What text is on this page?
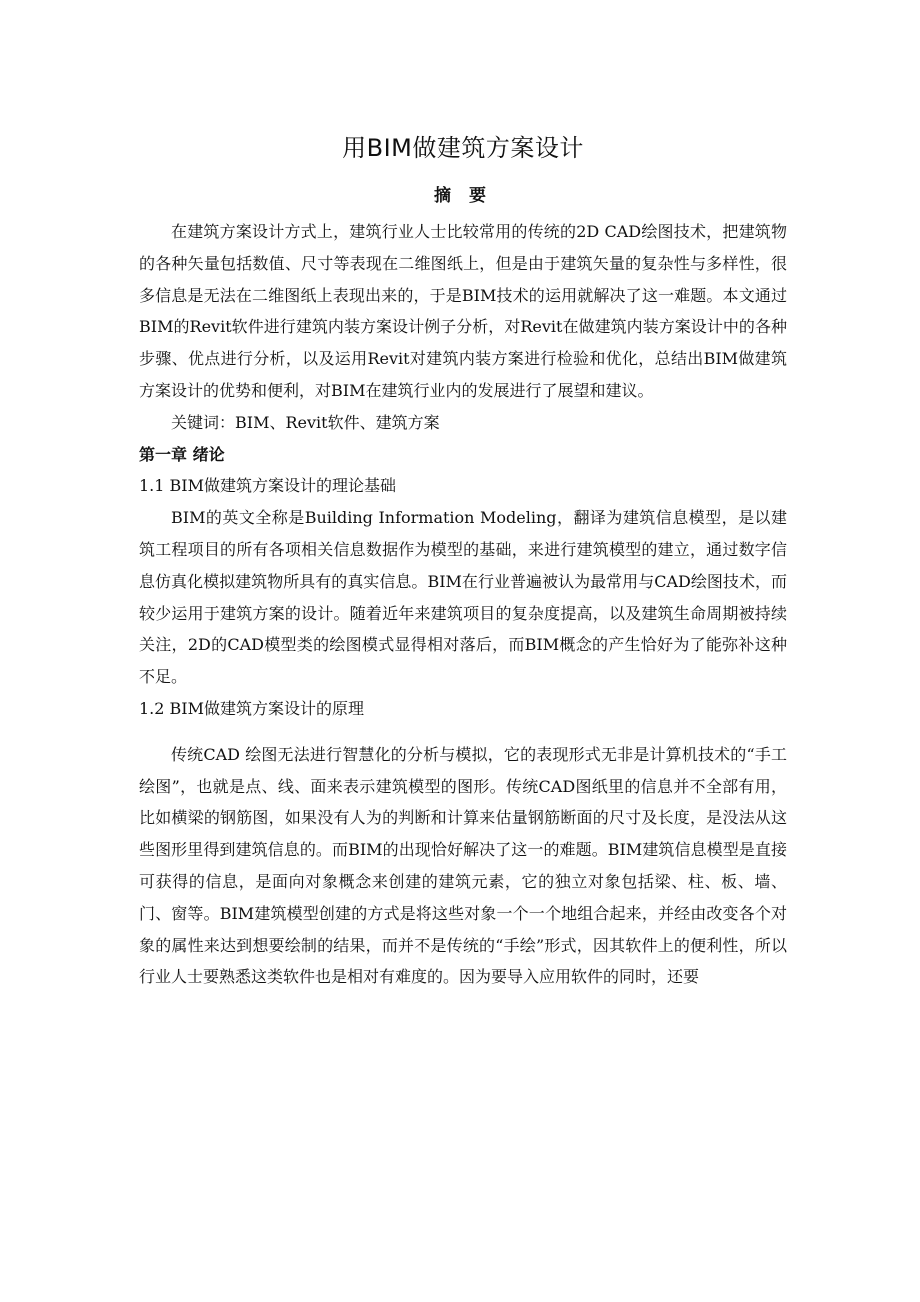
用BIM做建筑方案设计
摘 要

在建筑方案设计方式上，建筑行业人士比较常用的传统的2D CAD绘图技术，把建筑物的各种矢量包括数值、尺寸等表现在二维图纸上，但是由于建筑矢量的复杂性与多样性，很多信息是无法在二维图纸上表现出来的，于是BIM技术的运用就解决了这一难题。本文通过BIM的Revit软件进行建筑内装方案设计例子分析，对Revit在做建筑内装方案设计中的各种步骤、优点进行分析，以及运用Revit对建筑内装方案进行检验和优化，总结出BIM做建筑方案设计的优势和便利，对BIM在建筑行业内的发展进行了展望和建议。

关键词：BIM、Revit软件、建筑方案

第一章 绪论
1.1 BIM做建筑方案设计的理论基础

BIM的英文全称是Building Information Modeling，翻译为建筑信息模型，是以建筑工程项目的所有各项相关信息数据作为模型的基础，来进行建筑模型的建立，通过数字信息仿真化模拟建筑物所具有的真实信息。BIM在行业普遍被认为最常用与CAD绘图技术，而较少运用于建筑方案的设计。随着近年来建筑项目的复杂度提高，以及建筑生命周期被持续关注，2D的CAD模型类的绘图模式显得相对落后，而BIM概念的产生恰好为了能弥补这种不足。

1.2 BIM做建筑方案设计的原理

传统CAD 绘图无法进行智慧化的分析与模拟，它的表现形式无非是计算机技术的“手工绘图”，也就是点、线、面来表示建筑模型的图形。传统CAD图纸里的信息并不全部有用，比如横梁的钢筋图，如果没有人为的判断和计算来估量钢筋断面的尺寸及长度，是没法从这些图形里得到建筑信息的。而BIM的出现恰好解决了这一的难题。BIM建筑信息模型是直接可获得的信息，是面向对象概念来创建的建筑元素，它的独立对象包括梁、柱、板、墙、门、窗等。BIM建筑模型创建的方式是将这些对象一个一个地组合起来，并经由改变各个对象的属性来达到想要绘制的结果，而并不是传统的“手绘”形式，因其软件上的便利性，所以行业人士要熟悉这类软件也是相对有难度的。因为要导入应用软件的同时，还要
